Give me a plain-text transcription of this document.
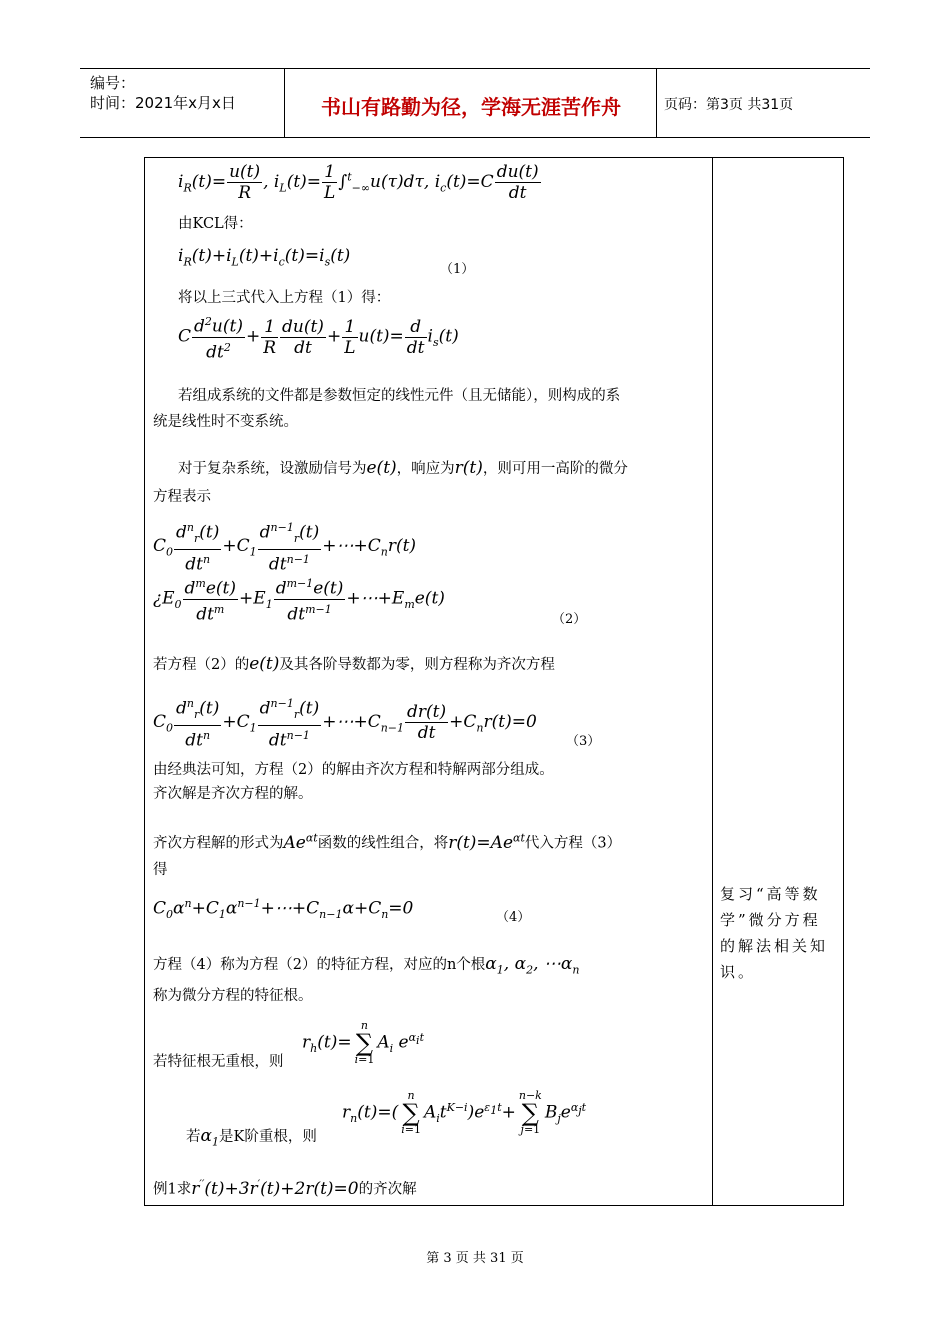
编号：
时间：2021年x月x日	书山有路勤为径，学海无涯苦作舟	页码：第3页 共31页
$i_R(t)= \frac{u(t)}{R}$ , $i_L(t)= \frac{1}{L} \int^t_{-\infty}u(\tau)d\tau$, $i_c(t)=C \frac{du(t)}{dt}$
由KCL得：
$i_R(t)+i_L(t)+i_c(t)=i_s(t)$
（1）
将以上三式代入上方程（1）得：
C $\frac{d^2u(t)}{dt^2} + \frac{1}{R} \frac{du(t)}{dt} + \frac{1}{L} u(t)= \frac{d}{dt} i_s(t)$
若组成系统的文件都是参数恒定的线性元件（且无储能），则构成的系
统是线性时不变系统。
对于复杂系统，设激励信号为e(t)，响应为r(t)，则可用一高阶的微分
方程表示
$C_0 \frac{d^n_r(t)}{dt^n} +C_1 \frac{d^{n-1}_r(t)}{dt^{n-1}}$ $+\cdots+C_nr(t)$
¿$E_0 \frac{d^me(t)}{dt^m} +E_1 \frac{d^{m-1}e(t)}{dt^{m-1}}$ $+\cdots+E_me(t)$
（2）
若方程（2）的e(t)及其各阶导数都为零，则方程称为齐次方程
$C_0 \frac{d^n_r(t)}{dt^n} +C_1 \frac{d^{n-1}_r(t)}{dt^{n-1}}$ $+\cdots+C_{n-1} \frac{dr(t)}{dt} +C_nr(t)=0$
（3）
由经典法可知，方程（2）的解由齐次方程和特解两部分组成。
齐次解是齐次方程的解。
齐次方程解的形式为$Ae^{\alpha t}$函数的线性组合，将$r(t)=Ae^{\alpha t}$代入方程（3）
得
$C_0\alpha^n+C_1\alpha^{n-1}+\cdots+C_{n-1}\alpha+C_n=0$	（4）
方程（4）称为方程（2）的特征方程，对应的n个根$\alpha_1$, $\alpha_2$, $\cdots\alpha_n$
称为微分方程的特征根。
$r_h(t)=$
n
∑
i=1
$A_i$ $e^{\alpha_it}$
若特征根无重根，则
$r_n(t)=$(
n
∑
i=1
$A_it^{K-i})e^{\varepsilon_1t}+$
n−k
∑
j=1
$B_je^{\alpha_jt}$
若$\alpha_1$是K阶重根，则
例1求r′′(t)+3r′(t)+2r(t)=0的齐次解
复习“高等数学”微分方程的解法相关知识。
第 3 页 共 31 页
